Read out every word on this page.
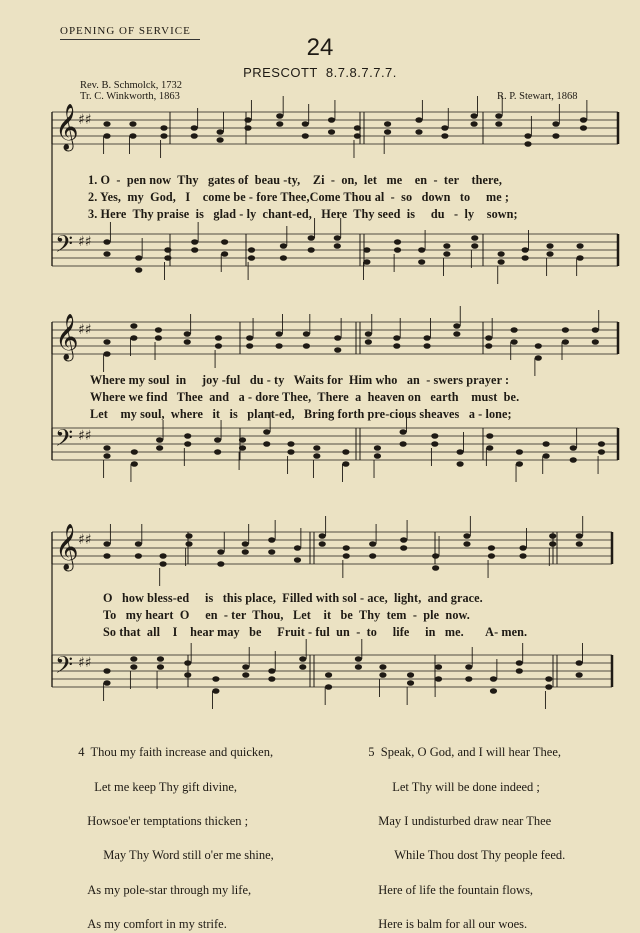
𝄞 ♯♯
𝄢 ♯♯
𝄞 ♯♯
𝄢 ♯♯
𝄞 ♯♯
𝄢 ♯♯
OPENING OF SERVICE
24
PRESCOTT  8.7.8.7.7.7.
Rev. B. Schmolck, 1732
Tr. C. Winkworth, 1863	R. P. Stewart, 1868
1. O  -  pen now  Thy   gates of  beau -ty,    Zi  -  on,  let   me    en  -  ter    there,
2. Yes,  my  God,   I    come be - fore Thee,Come Thou al  -  so   down   to     me ;
3. Here  Thy praise  is   glad - ly  chant-ed,   Here  Thy seed  is     du   -  ly    sown;
Where my soul  in     joy -ful   du - ty   Waits for  Him who   an  - swers prayer :
Where we find   Thee  and   a - dore Thee,  There  a  heaven on   earth    must  be.
Let    my soul,  where   it   is   plant-ed,   Bring forth pre-cious sheaves   a - lone;
O   how bless-ed     is   this place,  Filled with sol - ace,  light,  and grace.
To   my heart  O     en  - ter  Thou,   Let    it   be  Thy  tem  -  ple  now.
So that  all    I    hear may   be     Fruit - ful  un  -  to     life     in   me.       A- men.

4 Thou my faith increase and quicken,

Let me keep Thy gift divine,

Howsoe'er temptations thicken ;

May Thy Word still o'er me shine,

As my pole-star through my life,

As my comfort in my strife.

5 Speak, O God, and I will hear Thee,

Let Thy will be done indeed ;

May I undisturbed draw near Thee

While Thou dost Thy people feed.

Here of life the fountain flows,

Here is balm for all our woes.
